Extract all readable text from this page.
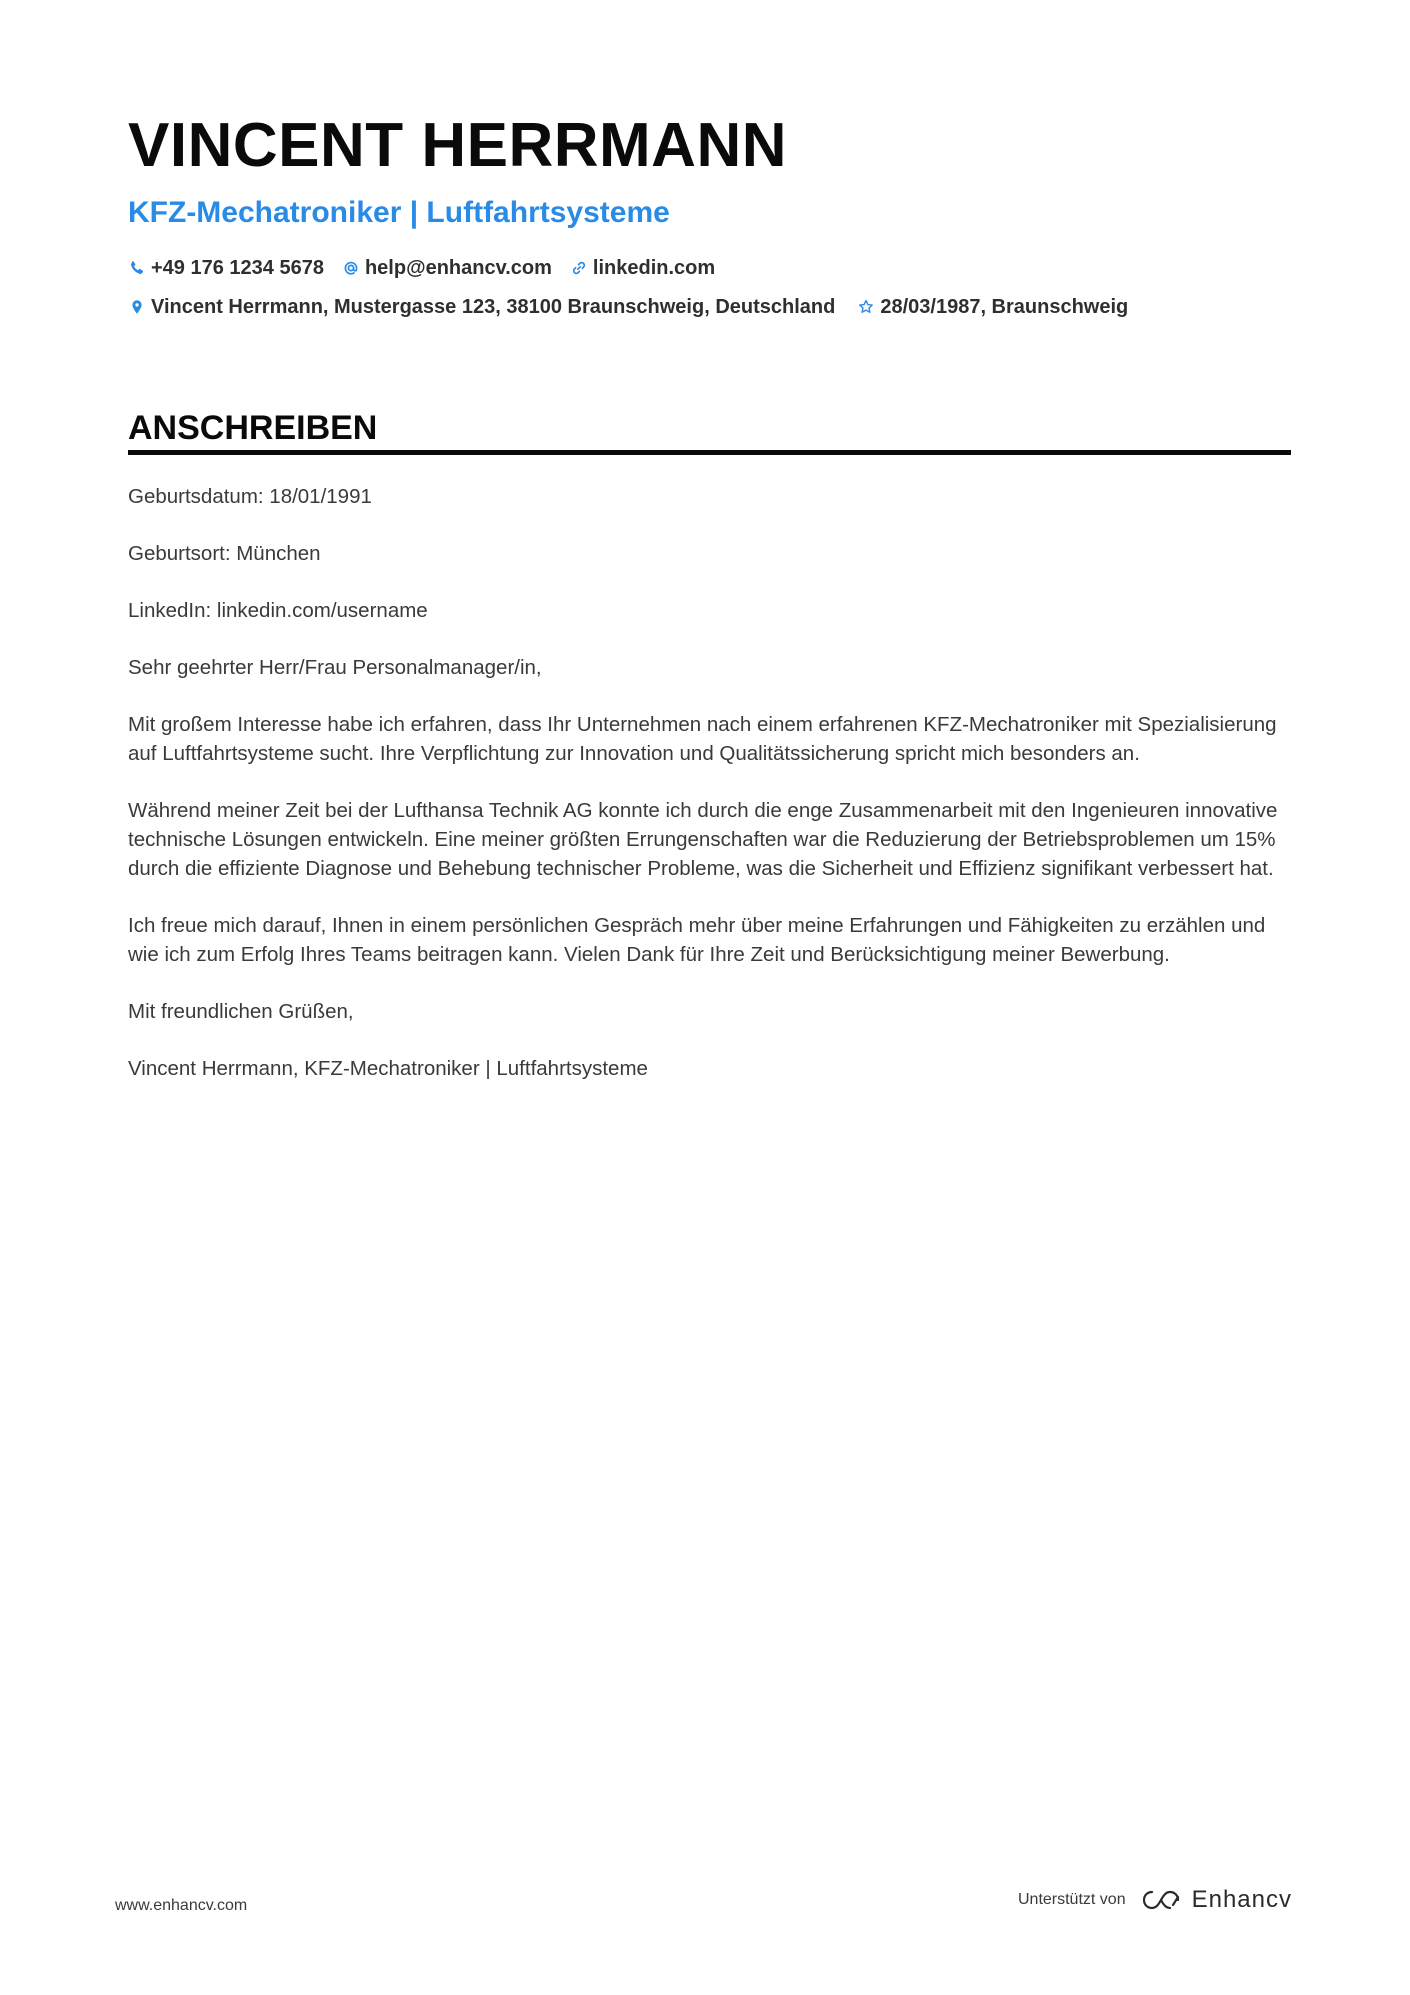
VINCENT HERRMANN
KFZ-Mechatroniker | Luftfahrtsysteme
+49 176 1234 5678 help@enhancv.com linkedin.com
Vincent Herrmann, Mustergasse 123, 38100 Braunschweig, Deutschland 28/03/1987, Braunschweig
ANSCHREIBEN

Geburtsdatum: 18/01/1991

Geburtsort: München

LinkedIn: linkedin.com/username

Sehr geehrter Herr/Frau Personalmanager/in,

Mit großem Interesse habe ich erfahren, dass Ihr Unternehmen nach einem erfahrenen KFZ-Mechatroniker mit Spezialisierung auf Luftfahrtsysteme sucht. Ihre Verpflichtung zur Innovation und Qualitätssicherung spricht mich besonders an.

Während meiner Zeit bei der Lufthansa Technik AG konnte ich durch die enge Zusammenarbeit mit den Ingenieuren innovative technische Lösungen entwickeln. Eine meiner größten Errungenschaften war die Reduzierung der Betriebsproblemen um 15% durch die effiziente Diagnose und Behebung technischer Probleme, was die Sicherheit und Effizienz signifikant verbessert hat.

Ich freue mich darauf, Ihnen in einem persönlichen Gespräch mehr über meine Erfahrungen und Fähigkeiten zu erzählen und wie ich zum Erfolg Ihres Teams beitragen kann. Vielen Dank für Ihre Zeit und Berücksichtigung meiner Bewerbung.

Mit freundlichen Grüßen,

Vincent Herrmann, KFZ-Mechatroniker | Luftfahrtsysteme

www.enhancv.com	Unterstützt von	Enhancv
